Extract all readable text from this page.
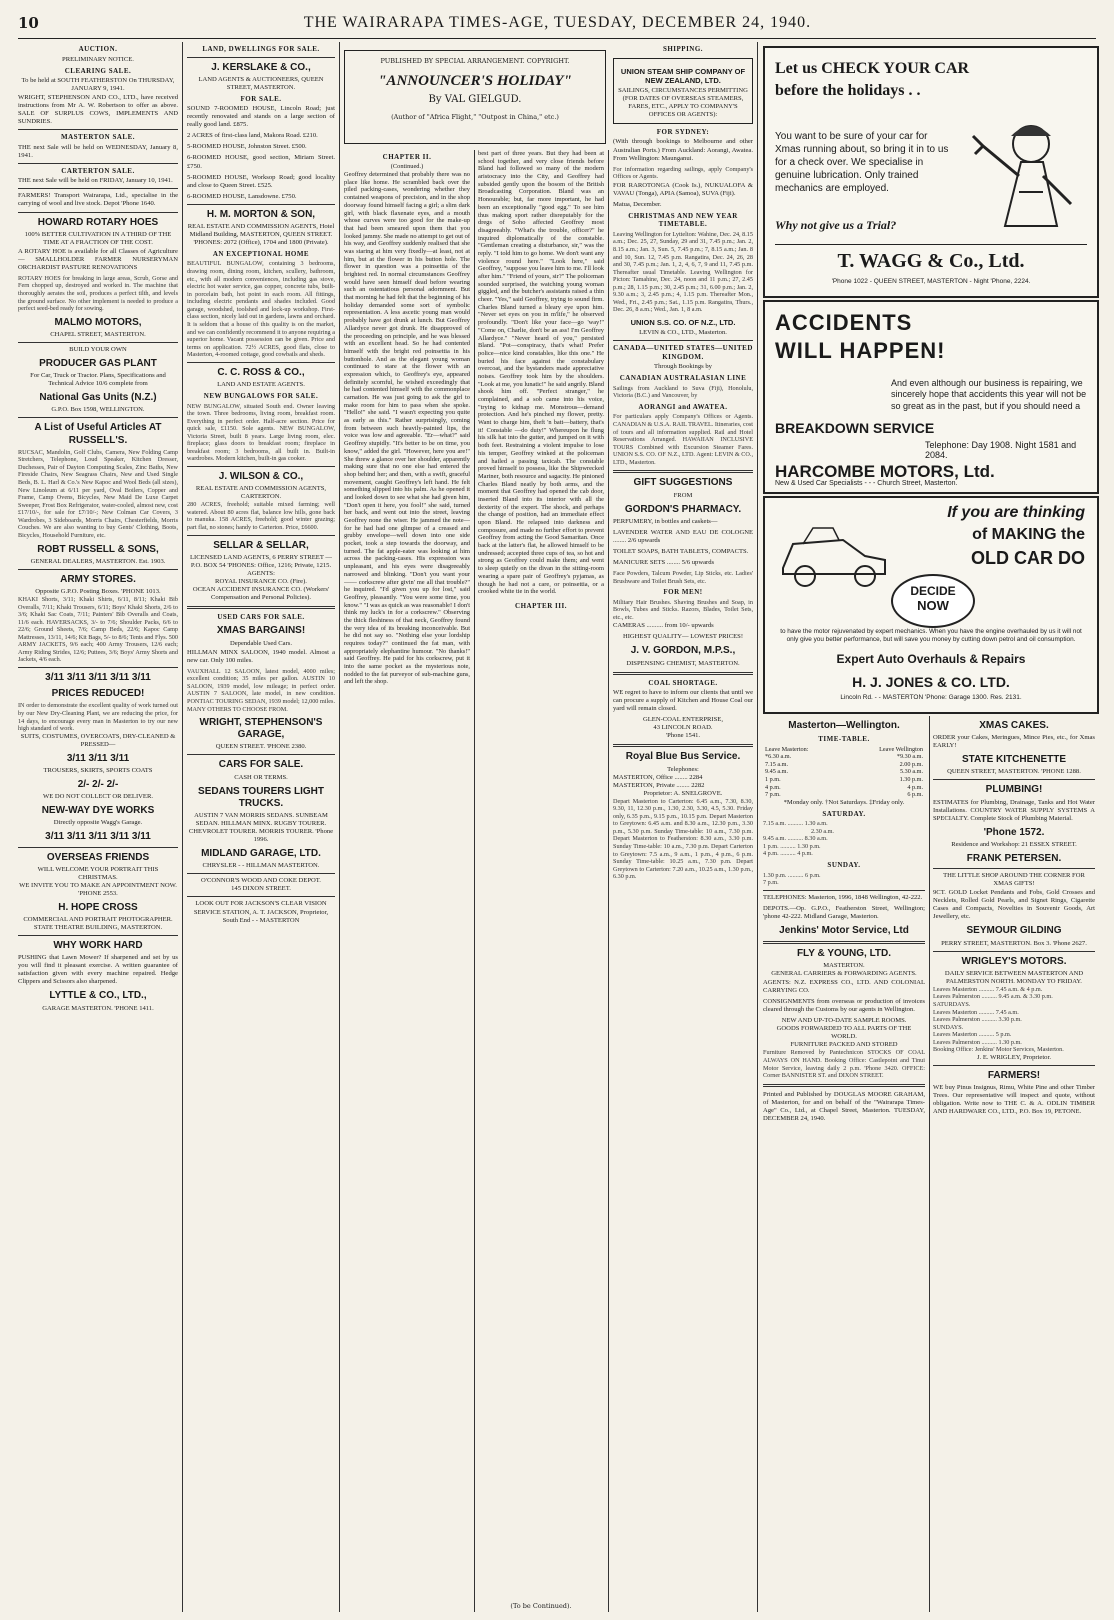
10	THE WAIRARAPA TIMES-AGE, TUESDAY, DECEMBER 24, 1940.
AUCTION.
PRELIMINARY NOTICE.
CLEARING SALE.
To be held at SOUTH FEATHERSTON On THURSDAY, JANUARY 9, 1941.
WRIGHT, STEPHENSON AND CO., LTD., have received instructions from Mr A. W. Robertson to offer as above. SALE OF SURPLUS COWS, IMPLEMENTS AND SUNDRIES.
MASTERTON SALE.
THE next Sale will be held on WEDNESDAY, January 8, 1941.
CARTERTON SALE.
THE next Sale will be held on FRIDAY, January 10, 1941.
FARMERS! Transport Wairarapa, Ltd., specialise in the carrying of wool and live stock. Depot 'Phone 1640.
HOWARD ROTARY HOES
100% BETTER CULTIVATION IN A THIRD OF THE TIME AT A FRACTION OF THE COST.
A ROTARY HOE is available for all Classes of Agriculture— SMALLHOLDER FARMER NURSERYMAN ORCHARDIST PASTURE RENOVATIONS
ROTARY HOES for breaking in large areas, Scrub, Gorse and Fern chopped up, destroyed and worked in. The machine that thoroughly aerates the soil, produces a perfect tilth, and levels the ground surface. No other implement is needed to produce a perfect seed-bed ready for sowing.
MALMO MOTORS,
CHAPEL STREET, MASTERTON.
BUILD YOUR OWN
PRODUCER GAS PLANT
For Car, Truck or Tractor. Plans, Specifications and Technical Advice 10/6 complete from
National Gas Units (N.Z.)
G.P.O. Box 1598, WELLINGTON.
A List of Useful Articles AT RUSSELL'S.
RUCSAC, Mandolin, Golf Clubs, Camera, New Folding Camp Stretchers, Telephone, Loud Speaker, Kitchen Dresser, Duchesses, Pair of Dayton Computing Scales, Zinc Baths, New Fireside Chairs, New Seagrass Chairs, New and Used Single Beds, B. L. Harl & Co.'s New Kapoc and Wool Beds (all sizes), New Linoleum at 6/11 per yard, Oval Boilers, Copper and Frame, Camp Ovens, Bicycles, New Maid De Luxe Carpet Sweeper, Frost Box Refrigerator, water-cooled, almost new, cost £17/10/-, for sale for £7/10/-; New Colman Car Covers, 3 Wardrobes, 3 Sideboards, Morris Chairs, Chesterfields, Morris Couches. We are also wanting to buy Gents' Clothing, Boots, Bicycles, Household Furniture, etc.
ROBT RUSSELL & SONS,
GENERAL DEALERS, MASTERTON. Est. 1903.
ARMY STORES.
Opposite G.P.O. Posting Boxes. 'PHONE 1013.
KHAKI Shorts, 3/11; Khaki Shirts, 6/11, 8/11; Khaki Bib Overalls, 7/11; Khaki Trousers, 6/11; Boys' Khaki Shorts, 2/6 to 3/6; Khaki Sac Coats, 7/11; Painters' Bib Overalls and Coats, 11/6 each. HAVERSACKS, 3/- to 7/6; Shoulder Packs, 6/6 to 22/6; Ground Sheets, 7/6; Camp Beds, 22/6; Kapoc Camp Mattresses, 13/11, 14/6; Kit Bags, 5/- to 8/6; Tents and Flys. 500 ARMY JACKETS, 9/6 each; 400 Army Trousers, 12/6 each; Army Riding Strides, 12/6; Puttees, 3/6; Boys' Army Shorts and Jackets, 4/6 each.
3/11 3/11 3/11 3/11 3/11
PRICES REDUCED!
IN order to demonstrate the excellent quality of work turned out by our New Dry-Cleaning Plant, we are reducing the price, for 14 days, to encourage every man in Masterton to try our new high standard of work.
SUITS, COSTUMES, OVERCOATS, DRY-CLEANED & PRESSED—
3/11 3/11 3/11
TROUSERS, SKIRTS, SPORTS COATS
2/- 2/- 2/-
WE DO NOT COLLECT OR DELIVER.
NEW-WAY DYE WORKS
Directly opposite Wagg's Garage.
3/11 3/11 3/11 3/11 3/11
OVERSEAS FRIENDS
WILL WELCOME YOUR PORTRAIT THIS CHRISTMAS.
WE INVITE YOU TO MAKE AN APPOINTMENT NOW.
'PHONE 2553.
H. HOPE CROSS
COMMERCIAL AND PORTRAIT PHOTOGRAPHER. STATE THEATRE BUILDING, MASTERTON.
WHY WORK HARD
PUSHING that Lawn Mower? If sharpened and set by us you will find it pleasant exercise. A written guarantee of satisfaction given with every machine repaired. Hedge Clippers and Scissors also sharpened.
LYTTLE & CO., LTD.,
GARAGE MASTERTON. 'PHONE 1411.
LAND, DWELLINGS FOR SALE.
J. KERSLAKE & CO.,
LAND AGENTS & AUCTIONEERS, QUEEN STREET, MASTERTON.
FOR SALE.
SOUND 7-ROOMED HOUSE, Lincoln Road; just recently renovated and stands on a large section of really good land. £875.
2 ACRES of first-class land, Makora Road. £210.
5-ROOMED HOUSE, Johnston Street. £500.
6-ROOMED HOUSE, good section, Miriam Street. £750.
5-ROOMED HOUSE, Worksop Road; good locality and close to Queen Street. £525.
6-ROOMED HOUSE, Lansdowne. £750.
H. M. MORTON & SON,
REAL ESTATE AND COMMISSION AGENTS, Hotel Midland Building, MASTERTON, QUEEN STREET. 'PHONES: 2072 (Office), 1704 and 1800 (Private).
AN EXCEPTIONAL HOME
BEAUTIFUL BUNGALOW, containing 3 bedrooms, drawing room, dining room, kitchen, scullery, bathroom, etc., with all modern conveniences, including gas stove, electric hot water service, gas copper, concrete tubs, built-in porcelain bath, hot point in each room. All fittings, including electric pendants and shades included. Good garage, woodshed, toolshed and lock-up workshop. First-class section, nicely laid out in gardens, lawns and orchard. It is seldom that a house of this quality is on the market, and we can confidently recommend it to anyone requiring a superior home. Vacant possession can be given. Price and terms on application. 72½ ACRES, good flats, close to Masterton, 4-roomed cottage, good cowbails and sheds.
C. C. ROSS & CO.,
LAND AND ESTATE AGENTS.
NEW BUNGALOWS FOR SALE.
NEW BUNGALOW, situated South end. Owner leaving the town. Three bedrooms, living room, breakfast room. Everything in perfect order. Half-acre section. Price for quick sale, £1150. Sole agents. NEW BUNGALOW, Victoria Street, built 8 years. Large living room, elec. fireplace; glass doors to breakfast room; fireplace in breakfast room; 3 bedrooms, all built in. Built-in wardrobes. Modern kitchen, built-in gas cooker.
J. WILSON & CO.,
REAL ESTATE AND COMMISSION AGENTS, CARTERTON.
280 ACRES, freehold; suitable mixed farming; well watered. About 80 acres flat, balance low hills, gone back to manuka. 158 ACRES, freehold; good winter grazing; part flat, no stones; handy to Carterton. Price, £6600.
SELLAR & SELLAR,
LICENSED LAND AGENTS, 6 PERRY STREET — P.O. BOX 54 'PHONES: Office, 1216; Private, 1215. AGENTS:
ROYAL INSURANCE CO. (Fire).
OCEAN ACCIDENT INSURANCE CO. (Workers' Compensation and Personal Policies).
USED CARS FOR SALE.
XMAS BARGAINS!
Dependable Used Cars.
HILLMAN MINX SALOON, 1940 model. Almost a new car. Only 100 miles.
VAUXHALL 12 SALOON, latest model, 4000 miles; excellent condition; 35 miles per gallon. AUSTIN 10 SALOON, 1939 model, low mileage; in perfect order. AUSTIN 7 SALOON, late model, in new condition. PONTIAC TOURING SEDAN, 1939 model; 12,000 miles. MANY OTHERS TO CHOOSE FROM.
WRIGHT, STEPHENSON'S GARAGE,
QUEEN STREET. 'PHONE 2380.
CARS FOR SALE.
CASH OR TERMS.
SEDANS TOURERS LIGHT TRUCKS.
AUSTIN 7 VAN MORRIS SEDANS. SUNBEAM SEDAN. HILLMAN MINX. RUGBY TOURER. CHEVROLET TOURER. MORRIS TOURER. 'Phone 1996.
MIDLAND GARAGE, LTD.
CHRYSLER - - HILLMAN MASTERTON.
O'CONNOR'S WOOD AND COKE DEPOT.
145 DIXON STREET.
LOOK OUT FOR JACKSON'S CLEAR VISION SERVICE STATION, A. T. JACKSON, Proprietor,
South End - - MASTERTON
PUBLISHED BY SPECIAL ARRANGEMENT. COPYRIGHT.
"ANNOUNCER'S HOLIDAY"
By VAL GIELGUD.
(Author of "Africa Flight," "Outpost in China," etc.)
CHAPTER II.
(Continued.)
Geoffrey determined that probably there was no place like home. He scrambled back over the piled packing-cases, wondering whether they contained weapons of precision, and in the shop doorway found himself facing a girl; a slim dark girl, with black flaxenate eyes, and a mouth whose curves were too good for the make-up that had been smeared upon them that you looked jammy. She made no attempt to get out of his way, and Geoffrey suddenly realised that she was staring at him very fixedly—at least, not at him, but at the flower in his button hole. The flower in question was a poinsettia of the brightest red. In normal circumstances Geoffrey would have seen himself dead before wearing such an ostentatious personal adornment. But that morning he had felt that the beginning of his holiday demanded some sort of symbolic representation. A less ascetic young man would probably have got drunk at lunch. But Geoffrey Allardyce never got drunk. He disapproved of the proceeding on principle, and he was blessed with an excellent head. So he had contented himself with the bright red poinsettia in his buttonhole. And as the elegant young woman continued to stare at the flower with an expression which, to Geoffrey's eye, appeared definitely scornful, he wished exceedingly that he had contented himself with the commonplace carnation. He was just going to ask the girl to make room for him to pass when she spoke. "Hello!" she said. "I wasn't expecting you quite as early as this." Rather surprisingly, coming from between such heavily-painted lips, the voice was low and agreeable. "Er—what?" said Geoffrey stupidly. "It's better to be on time, you know," added the girl. "However, here you are!" She threw a glance over her shoulder, apparently making sure that no one else had entered the shop behind her; and then, with a swift, graceful movement, caught Geoffrey's left hand. He felt something slipped into his palm. As he opened it and looked down to see what she had given him, "Don't open it here, you fool!" she said, turned her back, and went out into the street, leaving Geoffrey none the wiser. He jammed the note—for he had had one glimpse of a creased and grubby envelope—well down into one side pocket, took a step towards the doorway, and turned. The fat apple-eater was looking at him across the packing-cases. His expression was unpleasant, and his eyes were disagreeably narrowed and blinking. "Don't you want your —— corkscrew after givin' me all that trouble?" he inquired. "I'd given you up for lost," said Geoffrey, pleasantly. "You were some time, you know." "I was as quick as was reasonable! I don't think my luck's in for a corkscrew." Observing the thick fleshiness of that neck, Geoffrey found the very idea of its breaking inconceivable. But he did not say so. "Nothing else your lordship requires today?" continued the fat man, with appropriately elephantine humour. "No thanks!" said Geoffrey. He paid for his corkscrew, put it into the same pocket as the mysterious note, nodded to the fat purveyor of sub-machine guns, and left the shop.
best part of three years. But they had been at school together, and very close friends before Bland had followed so many of the modern aristocracy into the City, and Geoffrey had subsided gently upon the bosom of the British Broadcasting Corporation. Bland was an Honourable; but, far more important, he had been an exceptionally "good egg." To see him thus making sport rather disreputably for the dregs of Soho affected Geoffrey most disagreeably. "What's the trouble, officer?" he inquired diplomatically of the constable. "Gentleman creating a disturbance, sir," was the reply. "I told him to go home. We don't want any violence round here." "Look here," said Geoffrey, "suppose you leave him to me. I'll look after him." "Friend of yours, sir?" The policeman sounded surprised, the watching young woman giggled, and the butcher's assistants raised a thin cheer. "Yes," said Geoffrey, trying to sound firm. Charles Bland turned a bleary eye upon him. "Never set eyes on you in m'life," he observed profoundly. "Don't like your face—go 'way!" "Come on, Charlie, don't be an ass! I'm Geoffrey Allardyce." "Never heard of you," persisted Bland. "Pot—conspiracy, that's what! Prefer police—nice kind constables, like this one." He buried his face against the constabulary overcoat, and the bystanders made appreciative noises. Geoffrey took him by the shoulders. "Look at me, you lunatic!" he said angrily. Bland shook him off. "Perfect stranger," he complained, and a sob came into his voice, "trying to kidnap me. Monstrous—demand protection. And he's pinched my flower, pretty. Want to charge him, theft 'n batt—battery, that's it! Constable —do duty!" Whereupon he flung his silk hat into the gutter, and jumped on it with both feet. Restraining a violent impulse to lose his temper, Geoffrey winked at the policeman and hailed a passing taxicab. The constable proved himself to possess, like the Shipwrecked Mariner, both resource and sagacity. He pinioned Charles Bland neatly by both arms, and the moment that Geoffrey had opened the cab door, inserted Bland into its interior with all the dexterity of the expert. The shock, and perhaps the change of position, had an immediate effect upon Bland. He relapsed into darkness and composure, and made no further effort to prevent Geoffrey from acting the Good Samaritan. Once back at the latter's flat, he allowed himself to be undressed; accepted three cups of tea, so hot and strong as Geoffrey could make them; and went to sleep quietly on the divan in the sitting-room wearing a spare pair of Geoffrey's pyjamas, as though he had not a care, or poinsettia, or a crooked white tie in the world.
CHAPTER III.
SHIPPING.
UNION STEAM SHIP COMPANY OF NEW ZEALAND, LTD.
SAILINGS, CIRCUMSTANCES PERMITTING (FOR DATES OF OVERSEAS STEAMERS, FARES, ETC., APPLY TO COMPANY'S OFFICES OR AGENTS):
FOR SYDNEY:
(With through bookings to Melbourne and other Australian Ports.) From Auckland: Aorangi, Awatea. From Wellington: Maunganui.
For information regarding sailings, apply Company's Offices or Agents.
FOR RAROTONGA (Cook Is.), NUKUALOFA & VAVAU (Tonga), APIA (Samoa), SUVA (Fiji).
Matua, December.
CHRISTMAS AND NEW YEAR TIMETABLE.
Leaving Wellington for Lyttelton: Wahine, Dec. 24, 8.15 a.m.; Dec. 25, 27, Sunday, 29 and 31, 7.45 p.m.; Jan. 2, 8.15 a.m.; Jan. 3, Sun. 5, 7.45 p.m.; 7, 8.15 a.m.; Jan. 8 and 10, Sun. 12, 7.45 p.m. Rangatira, Dec. 24, 26, 28 and 30, 7.45 p.m.; Jan. 1, 2, 4, 6, 7, 9 and 11, 7.45 p.m. Thereafter usual Timetable. Leaving Wellington for Picton: Tamahine, Dec. 24, noon and 11 p.m.; 27, 2.45 p.m.; 28, 1.15 p.m.; 30, 2.45 p.m.; 31, 6.00 p.m.; Jan. 2, 9.30 a.m.; 3, 2.45 p.m.; 4, 1.15 p.m. Thereafter Mon., Wed., Fri., 2.45 p.m.; Sat., 1.15 p.m. Rangatira, Thurs., Dec. 26, 8 a.m.; Wed., Jan. 1, 8 a.m.
UNION S.S. CO. OF N.Z., LTD.
LEVIN & CO., LTD., Masterton.
CANADA—UNITED STATES—UNITED KINGDOM.
Through Bookings by
CANADIAN AUSTRALASIAN LINE
Sailings from Auckland to Suva (Fiji), Honolulu, Victoria (B.C.) and Vancouver, by
AORANGI and AWATEA.
For particulars apply Company's Offices or Agents. CANADIAN & U.S.A. RAIL TRAVEL. Itineraries, cost of tours and all information supplied. Rail and Hotel Reservations Arranged. HAWAIIAN INCLUSIVE TOURS Combined with Excursion Steamer Fares. UNION S.S. CO. OF N.Z., LTD. Agent: LEVIN & CO., LTD., Masterton.
GIFT SUGGESTIONS
FROM
GORDON'S PHARMACY.
PERFUMERY, in bottles and caskets—
LAVENDER WATER AND EAU DE COLOGNE ........ 2/6 upwards
TOILET SOAPS, BATH TABLETS, COMPACTS.
MANICURE SETS ........ 5/6 upwards
Face Powders, Talcum Powder, Lip Sticks, etc. Ladies' Brushware and Toilet Brush Sets, etc.
FOR MEN!
Military Hair Brushes. Shaving Brushes and Soap, in Bowls, Tubes and Sticks. Razors, Blades, Toilet Sets, etc., etc.
CAMERAS .......... from 10/- upwards
HIGHEST QUALITY— LOWEST PRICES!
J. V. GORDON, M.P.S.,
DISPENSING CHEMIST, MASTERTON.
COAL SHORTAGE.
WE regret to have to inform our clients that until we can procure a supply of Kitchen and House Coal our yard will remain closed.
GLEN-COAL ENTERPRISE,
43 LINCOLN ROAD.
'Phone 1541.
Royal Blue Bus Service.
Telephones:
MASTERTON, Office ........ 2284
MASTERTON, Private ........ 2282
Proprietor: A. SNELGROVE.
Depart Masterton to Carterton: 6.45 a.m., 7.30, 8.30, 9.30, 11, 12.30 p.m., 1.30, 2.30, 3.30, 4.5, 5.30. Friday only, 6.35 p.m., 9.15 p.m., 10.15 p.m. Depart Masterton to Greytown: 6.45 a.m. and 8.30 a.m., 12.30 p.m., 3.30 p.m., 5.30 p.m. Sunday Time-table: 10 a.m., 7.30 p.m. Depart Masterton to Featherston: 8.30 a.m., 3.30 p.m. Sunday Time-table: 10 a.m., 7.30 p.m. Depart Carterton to Greytown: 7.5 a.m., 9 a.m., 1 p.m., 4 p.m., 6 p.m. Sunday Time-table: 10.25 a.m., 7.30 p.m. Depart Greytown to Carterton: 7.20 a.m., 10.25 a.m., 1.30 p.m., 6.30 p.m.
Let us CHECK YOUR CAR
before the holidays . .
You want to be sure of your car for Xmas running about, so bring it in to us for a check over. We specialise in genuine lubrication. Only trained mechanics are employed.
Why not give us a Trial?
T. WAGG & Co., Ltd.
'Phone 1022 - QUEEN STREET, MASTERTON - Night 'Phone, 2224.
ACCIDENTS
WILL HAPPEN!
And even although our business is repairing, we sincerely hope that accidents this year will not be so great as in the past, but if you should need a
BREAKDOWN SERVICE
Telephone: Day 1908. Night 1581 and 2084.
HARCOMBE MOTORS, Ltd.
New & Used Car Specialists - - - Church Street, Masterton.
If you are thinking
of MAKING the
OLD CAR DO
DECIDE
NOW
to have the motor rejuvenated by expert mechanics. When you have the engine overhauled by us it will not only give you better performance, but will save you money by cutting down petrol and oil consumption.
Expert Auto Overhauls & Repairs
H. J. JONES & CO. LTD.
Lincoln Rd. - - MASTERTON 'Phone: Garage 1300. Res. 2131.
Masterton—Wellington.
TIME-TABLE.
Leave Masterton:	Leave Wellington
*6.30 a.m.	*9.30 a.m.
7.15 a.m.	2.00 p.m.
9.45 a.m.	5.30 a.m.
1 p.m.	1.30 p.m.
4 p.m.	4 p.m.
7 p.m.	6 p.m.
*Monday only. †Not Saturdays. ‡Friday only.
SATURDAY.
7.15 a.m. .......... 1.30 a.m.
2.30 a.m.
9.45 a.m. .......... 8.30 a.m.
1 p.m. .......... 1.30 p.m.
4 p.m. .......... 4 p.m.
SUNDAY.
1.30 p.m. .......... 6 p.m.
7 p.m.
TELEPHONES: Masterton, 1996, 1848 Wellington, 42-222.
DEPOTS.—Op. G.P.O., Featherston Street, Wellington; 'phone 42-222. Midland Garage, Masterton.
Jenkins' Motor Service, Ltd
FLY & YOUNG, LTD.
MASTERTON.
GENERAL CARRIERS & FORWARDING AGENTS.
AGENTS: N.Z. EXPRESS CO., LTD. AND COLONIAL CARRYING CO.
CONSIGNMENTS from overseas or production of invoices cleared through the Customs by our agents in Wellington.
NEW AND UP-TO-DATE SAMPLE ROOMS.
GOODS FORWARDED TO ALL PARTS OF THE WORLD.
FURNITURE PACKED AND STORED
Furniture Removed by Pantechnicon STOCKS OF COAL ALWAYS ON HAND. Booking Office: Castlepoint and Tinui Motor Service, leaving daily 2 p.m. 'Phone 3420. OFFICE: Corner BANNISTER ST. and DIXON STREET.
Printed and Published by DOUGLAS MOORE GRAHAM, of Masterton, for and on behalf of the "Wairarapa Times-Age" Co., Ltd., at Chapel Street, Masterton. TUESDAY, DECEMBER 24, 1940.
XMAS CAKES.
ORDER your Cakes, Meringues, Mince Pies, etc., for Xmas EARLY!
STATE KITCHENETTE
QUEEN STREET, MASTERTON. 'PHONE 1288.
PLUMBING!
ESTIMATES for Plumbing, Drainage, Tanks and Hot Water Installations. COUNTRY WATER SUPPLY SYSTEMS A SPECIALTY. Complete Stock of Plumbing Material.
'Phone 1572.
Residence and Workshop: 21 ESSEX STREET.
FRANK PETERSEN.
THE LITTLE SHOP AROUND THE CORNER FOR XMAS GIFTS!
9CT. GOLD Locket Pendants and Fobs, Gold Crosses and Necklets, Rolled Gold Pearls, and Signet Rings, Cigarette Cases and Compacts, Novelties in Souvenir Goods, Art Jewellery, etc.
SEYMOUR GILDING
PERRY STREET, MASTERTON. Box 3. 'Phone 2627.
WRIGLEY'S MOTORS.
DAILY SERVICE BETWEEN MASTERTON AND PALMERSTON NORTH. MONDAY TO FRIDAY.
Leaves Masterton .......... 7.45 a.m. & 4 p.m.
Leaves Palmerston .......... 9.45 a.m. & 3.30 p.m.
SATURDAYS.
Leaves Masterton .......... 7.45 a.m.
Leaves Palmerston .......... 3.30 p.m.
SUNDAYS.
Leaves Masterton .......... 5 p.m.
Leaves Palmerston .......... 1.30 p.m.
Booking Office: Jenkins' Motor Services, Masterton.
J. E. WRIGLEY, Proprietor.
FARMERS!
WE buy Pinus Insignus, Rimu, White Pine and other Timber Trees. Our representative will inspect and quote, without obligation. Write now to THE C. & A. ODLIN TIMBER AND HARDWARE CO., LTD., P.O. Box 19, PETONE.
(To be Continued).
